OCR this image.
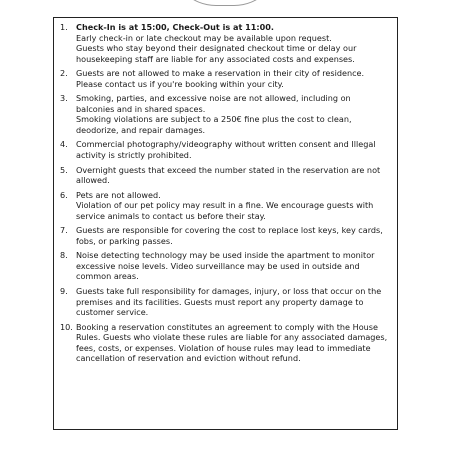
1.	Check-In is at 15:00, Check-Out is at 11:00.
Early check-in or late checkout may be available upon request.
Guests who stay beyond their designated checkout time or delay our housekeeping staff are liable for any associated costs and expenses.
2.	Guests are not allowed to make a reservation in their city of residence.
Please contact us if you're booking within your city.
3.	Smoking, parties, and excessive noise are not allowed, including on balconies and in shared spaces.
Smoking violations are subject to a 250€ fine plus the cost to clean, deodorize, and repair damages.
4.	Commercial photography/videography without written consent and Illegal activity is strictly prohibited.
5.	Overnight guests that exceed the number stated in the reservation are not allowed.
6.	Pets are not allowed.
Violation of our pet policy may result in a fine. We encourage guests with service animals to contact us before their stay.
7.	Guests are responsible for covering the cost to replace lost keys, key cards, fobs, or parking passes.
8.	Noise detecting technology may be used inside the apartment to monitor excessive noise levels. Video surveillance may be used in outside and common areas.
9.	Guests take full responsibility for damages, injury, or loss that occur on the premises and its facilities. Guests must report any property damage to customer service.
10. Booking a reservation constitutes an agreement to comply with the House Rules. Guests who violate these rules are liable for any associated damages, fees, costs, or expenses. Violation of house rules may lead to immediate cancellation of reservation and eviction without refund.
